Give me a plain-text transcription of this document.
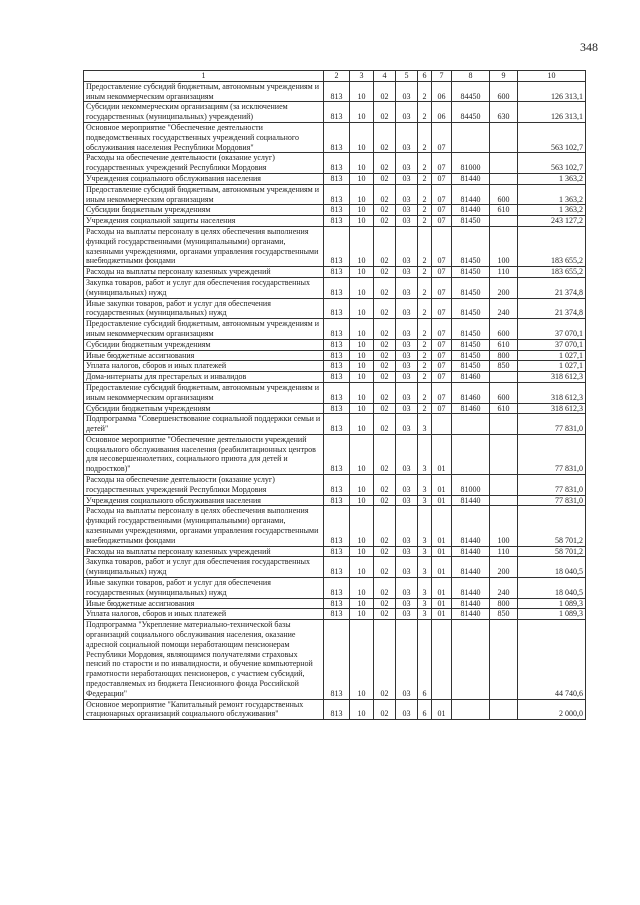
348
1	2	3	4	5	6	7	8	9	10
Предоставление субсидий бюджетным, автономным учреждениям и иным некоммерческим организациям	813	10	02	03	2	06	84450	600	126 313,1
Субсидии некоммерческим организациям (за исключением государственных (муниципальных) учреждений)	813	10	02	03	2	06	84450	630	126 313,1
Основное мероприятие "Обеспечение деятельности подведомственных государственных учреждений социального обслуживания населения Республики Мордовия"	813	10	02	03	2	07			563 102,7
Расходы на обеспечение деятельности (оказание услуг) государственных учреждений Республики Мордовия	813	10	02	03	2	07	81000		563 102,7
Учреждения социального обслуживания населения	813	10	02	03	2	07	81440		1 363,2
Предоставление субсидий бюджетным, автономным учреждениям и иным некоммерческим организациям	813	10	02	03	2	07	81440	600	1 363,2
Субсидии бюджетным учреждениям	813	10	02	03	2	07	81440	610	1 363,2
Учреждения социальной защиты населения	813	10	02	03	2	07	81450		243 127,2
Расходы на выплаты персоналу в целях обеспечения выполнения функций государственными (муниципальными) органами, казенными учреждениями, органами управления государственными внебюджетными фондами	813	10	02	03	2	07	81450	100	183 655,2
Расходы на выплаты персоналу казенных учреждений	813	10	02	03	2	07	81450	110	183 655,2
Закупка товаров, работ и услуг для обеспечения государственных (муниципальных) нужд	813	10	02	03	2	07	81450	200	21 374,8
Иные закупки товаров, работ и услуг для обеспечения государственных (муниципальных) нужд	813	10	02	03	2	07	81450	240	21 374,8
Предоставление субсидий бюджетным, автономным учреждениям и иным некоммерческим организациям	813	10	02	03	2	07	81450	600	37 070,1
Субсидии бюджетным учреждениям	813	10	02	03	2	07	81450	610	37 070,1
Иные бюджетные ассигнования	813	10	02	03	2	07	81450	800	1 027,1
Уплата налогов, сборов и иных платежей	813	10	02	03	2	07	81450	850	1 027,1
Дома-интернаты для престарелых и инвалидов	813	10	02	03	2	07	81460		318 612,3
Предоставление субсидий бюджетным, автономным учреждениям и иным некоммерческим организациям	813	10	02	03	2	07	81460	600	318 612,3
Субсидии бюджетным учреждениям	813	10	02	03	2	07	81460	610	318 612,3
Подпрограмма "Совершенствование социальной поддержки семьи и детей"	813	10	02	03	3				77 831,0
Основное мероприятие "Обеспечение деятельности учреждений социального обслуживания населения (реабилитационных центров для несовершеннолетних, социального приюта для детей и подростков)"	813	10	02	03	3	01			77 831,0
Расходы на обеспечение деятельности (оказание услуг) государственных учреждений Республики Мордовия	813	10	02	03	3	01	81000		77 831,0
Учреждения социального обслуживания населения	813	10	02	03	3	01	81440		77 831,0
Расходы на выплаты персоналу в целях обеспечения выполнения функций государственными (муниципальными) органами, казенными учреждениями, органами управления государственными внебюджетными фондами	813	10	02	03	3	01	81440	100	58 701,2
Расходы на выплаты персоналу казенных учреждений	813	10	02	03	3	01	81440	110	58 701,2
Закупка товаров, работ и услуг для обеспечения государственных (муниципальных) нужд	813	10	02	03	3	01	81440	200	18 040,5
Иные закупки товаров, работ и услуг для обеспечения государственных (муниципальных) нужд	813	10	02	03	3	01	81440	240	18 040,5
Иные бюджетные ассигнования	813	10	02	03	3	01	81440	800	1 089,3
Уплата налогов, сборов и иных платежей	813	10	02	03	3	01	81440	850	1 089,3
Подпрограмма "Укрепление материально-технической базы организаций социального обслуживания населения, оказание адресной социальной помощи неработающим пенсионерам Республики Мордовия, являющимся получателями страховых пенсий по старости и по инвалидности, и обучение компьютерной грамотности неработающих пенсионеров, с участием субсидий, предоставляемых из бюджета Пенсионного фонда Российской Федерации"	813	10	02	03	6				44 740,6
Основное мероприятие "Капитальный ремонт государственных стационарных организаций социального обслуживания"	813	10	02	03	6	01			2 000,0
